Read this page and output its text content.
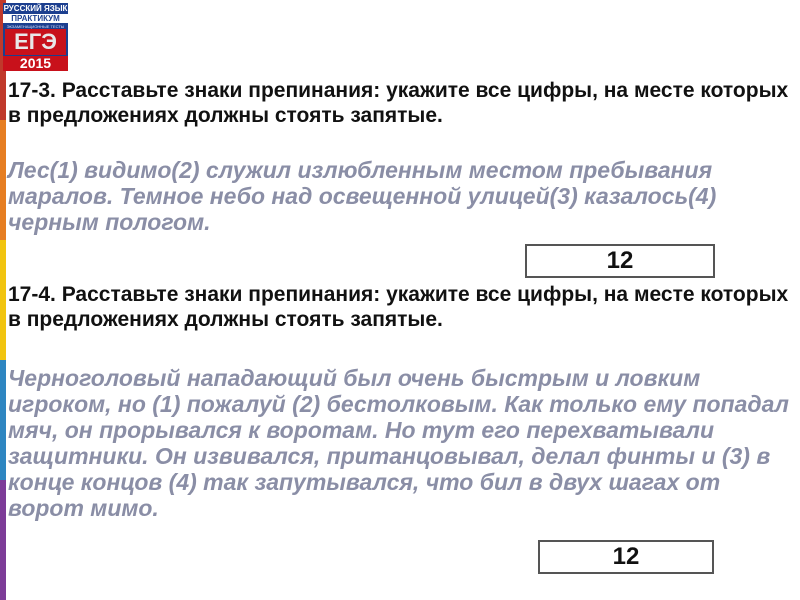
РУССКИЙ ЯЗЫК
ПРАКТИКУМ
ЭКЗАМЕНАЦИОННЫЕ ТЕСТЫ
ЕГЭ
2015
17-3. Расставьте знаки препинания: укажите все цифры, на месте которых в предложениях должны стоять запятые.
Лес(1) видимо(2) служил излюбленным местом пребывания маралов. Темное небо над освещенной улицей(3) казалось(4) черным пологом.
12
17-4. Расставьте знаки препинания: укажите все цифры, на месте которых в предложениях должны стоять запятые.
Черноголовый нападающий был очень быстрым и ловким игроком, но (1) пожалуй (2) бестолковым. Как только ему попадал мяч, он прорывался к воротам. Но тут его перехватывали защитники. Он извивался, пританцовывал, делал финты и (3) в конце концов (4) так запутывался, что бил в двух шагах от ворот мимо.
12
